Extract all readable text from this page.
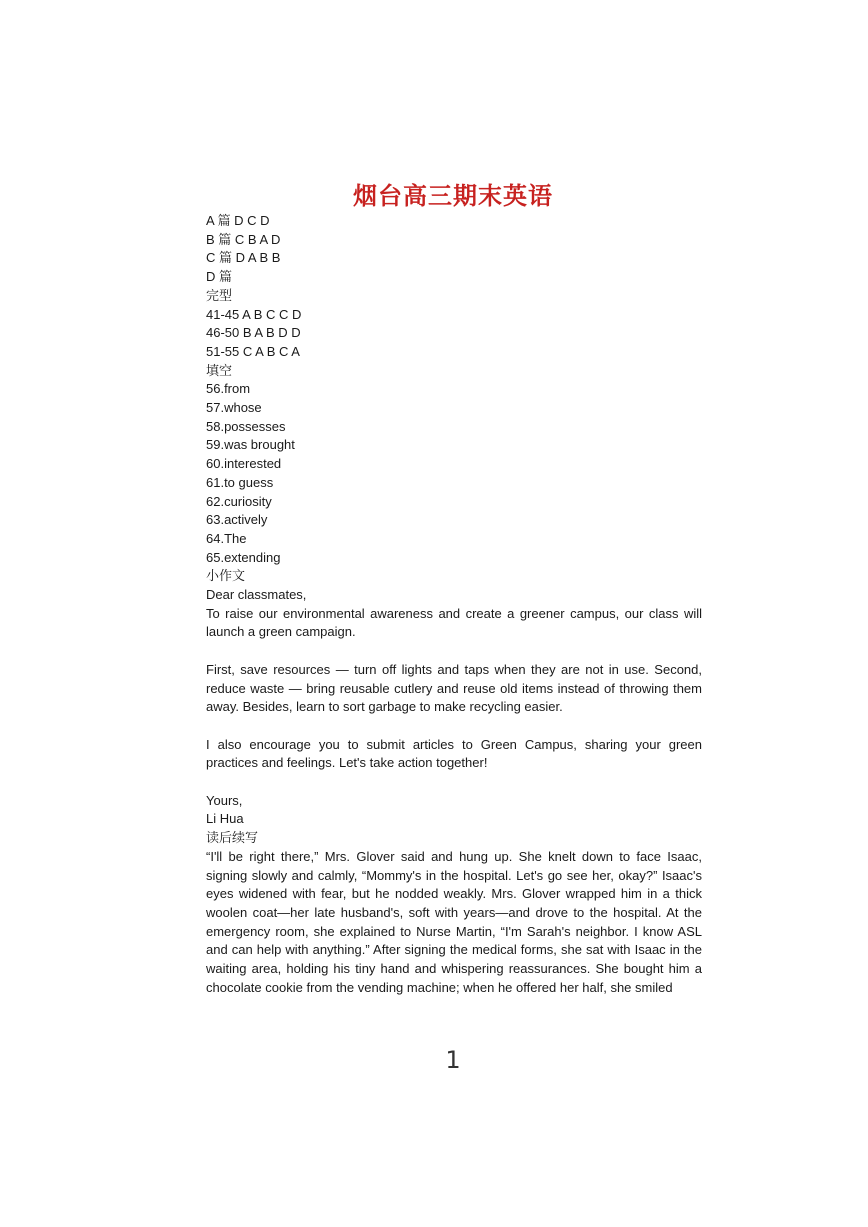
烟台高三期末英语
A 篇 D C D
B 篇 C B A D
C 篇 D A B B
D 篇
完型
41-45 A B C C D
46-50 B A B D D
51-55 C A B C A
填空
56.from
57.whose
58.possesses
59.was brought
60.interested
61.to guess
62.curiosity
63.actively
64.The
65.extending
小作文
Dear classmates,
To raise our environmental awareness and create a greener campus, our class will launch a green campaign.
First, save resources — turn off lights and taps when they are not in use. Second, reduce waste — bring reusable cutlery and reuse old items instead of throwing them away. Besides, learn to sort garbage to make recycling easier.
I also encourage you to submit articles to Green Campus, sharing your green practices and feelings. Let's take action together!
Yours,
Li Hua
读后续写
“I'll be right there,” Mrs. Glover said and hung up. She knelt down to face Isaac, signing slowly and calmly, “Mommy's in the hospital. Let's go see her, okay?” Isaac's eyes widened with fear, but he nodded weakly. Mrs. Glover wrapped him in a thick woolen coat—her late husband's, soft with years—and drove to the hospital. At the emergency room, she explained to Nurse Martin, “I'm Sarah's neighbor. I know ASL and can help with anything.” After signing the medical forms, she sat with Isaac in the waiting area, holding his tiny hand and whispering reassurances. She bought him a chocolate cookie from the vending machine; when he offered her half, she smiled
1
